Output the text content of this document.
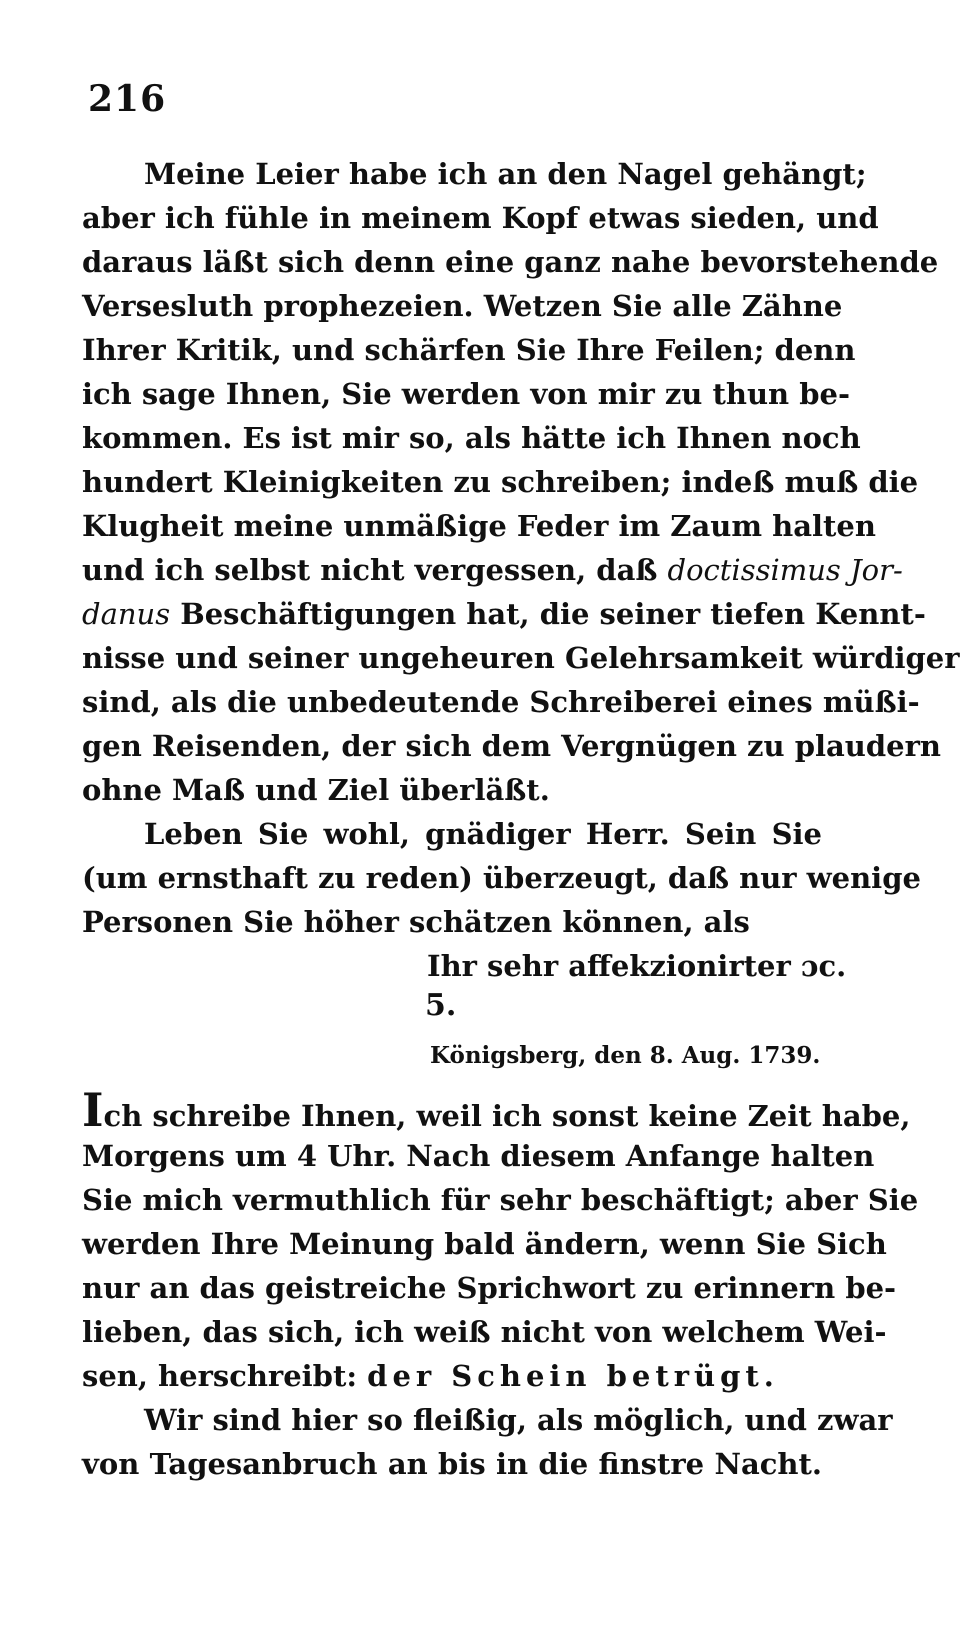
216
Meine Leier habe ich an den Nagel gehängt;
aber ich fühle in meinem Kopf etwas sieden, und
daraus läßt sich denn eine ganz nahe bevorstehende
Versesluth prophezeien. Wetzen Sie alle Zähne
Ihrer Kritik, und schärfen Sie Ihre Feilen; denn
ich sage Ihnen, Sie werden von mir zu thun be-
kommen. Es ist mir so, als hätte ich Ihnen noch
hundert Kleinigkeiten zu schreiben; indeß muß die
Klugheit meine unmäßige Feder im Zaum halten
und ich selbst nicht vergessen, daß doctissimus Jor-
danus Beschäftigungen hat, die seiner tiefen Kennt-
nisse und seiner ungeheuren Gelehrsamkeit würdiger
sind, als die unbedeutende Schreiberei eines müßi-
gen Reisenden, der sich dem Vergnügen zu plaudern
ohne Maß und Ziel überläßt.
Leben Sie wohl, gnädiger Herr. Sein Sie
(um ernsthaft zu reden) überzeugt, daß nur wenige
Personen Sie höher schätzen können, als
Ihr sehr affekzionirter ɔc.
5.
Königsberg, den 8. Aug. 1739.
Ich schreibe Ihnen, weil ich sonst keine Zeit habe,
Morgens um 4 Uhr. Nach diesem Anfange halten
Sie mich vermuthlich für sehr beschäftigt; aber Sie
werden Ihre Meinung bald ändern, wenn Sie Sich
nur an das geistreiche Sprichwort zu erinnern be-
lieben, das sich, ich weiß nicht von welchem Wei-
sen, herschreibt: der Schein betrügt.
Wir sind hier so fleißig, als möglich, und zwar
von Tagesanbruch an bis in die finstre Nacht.
